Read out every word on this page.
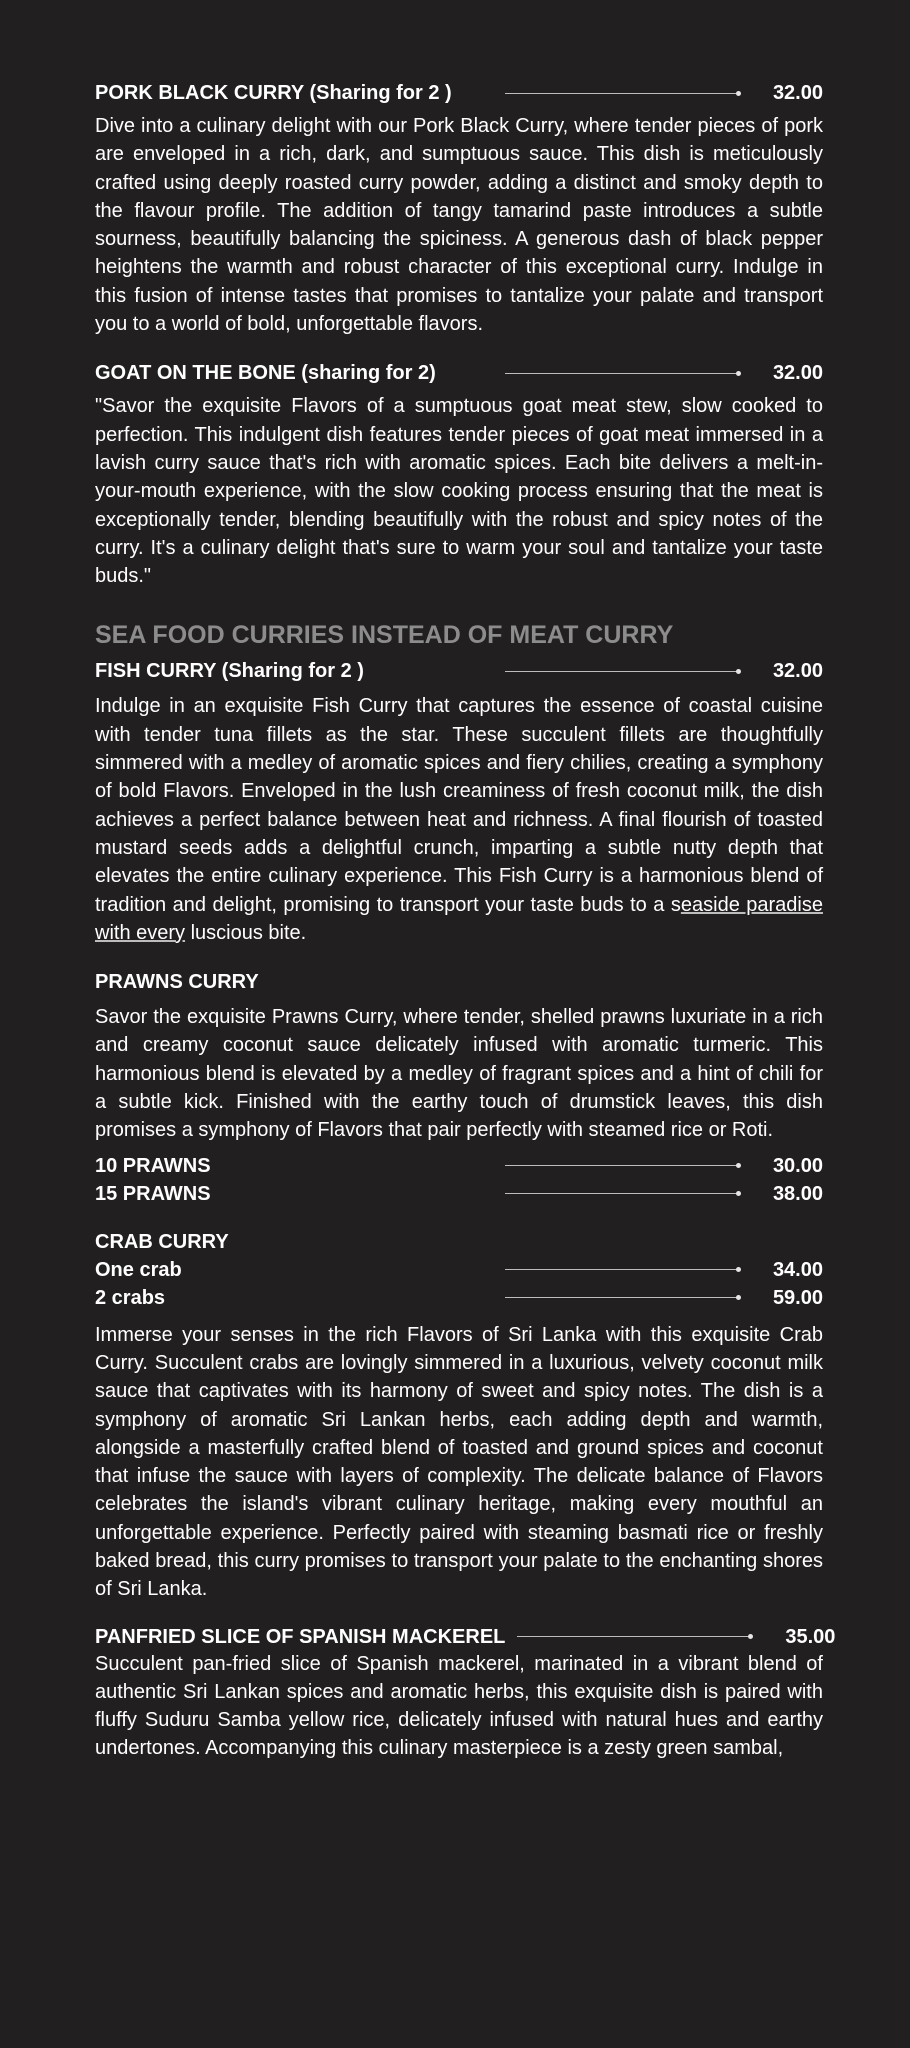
PORK BLACK CURRY (Sharing for 2 )	32.00

Dive into a culinary delight with our Pork Black Curry, where tender pieces of pork are enveloped in a rich, dark, and sumptuous sauce. This dish is meticulously crafted using deeply roasted curry powder, adding a distinct and smoky depth to the flavour profile. The addition of tangy tamarind paste introduces a subtle sourness, beautifully balancing the spiciness. A generous dash of black pepper heightens the warmth and robust character of this exceptional curry. Indulge in this fusion of intense tastes that promises to tantalize your palate and transport you to a world of bold, unforgettable flavors.

GOAT ON THE BONE (sharing for 2)	32.00

"Savor the exquisite Flavors of a sumptuous goat meat stew, slow cooked to perfection. This indulgent dish features tender pieces of goat meat immersed in a lavish curry sauce that's rich with aromatic spices. Each bite delivers a melt-in-your-mouth experience, with the slow cooking process ensuring that the meat is exceptionally tender, blending beautifully with the robust and spicy notes of the curry. It's a culinary delight that's sure to warm your soul and tantalize your taste buds."

SEA FOOD CURRIES INSTEAD OF MEAT CURRY
FISH CURRY (Sharing for 2 )	32.00

Indulge in an exquisite Fish Curry that captures the essence of coastal cuisine with tender tuna fillets as the star. These succulent fillets are thoughtfully simmered with a medley of aromatic spices and fiery chilies, creating a symphony of bold Flavors. Enveloped in the lush creaminess of fresh coconut milk, the dish achieves a perfect balance between heat and richness. A final flourish of toasted mustard seeds adds a delightful crunch, imparting a subtle nutty depth that elevates the entire culinary experience. This Fish Curry is a harmonious blend of tradition and delight, promising to transport your taste buds to a seaside paradise with every luscious bite.

PRAWNS CURRY

Savor the exquisite Prawns Curry, where tender, shelled prawns luxuriate in a rich and creamy coconut sauce delicately infused with aromatic turmeric. This harmonious blend is elevated by a medley of fragrant spices and a hint of chili for a subtle kick. Finished with the earthy touch of drumstick leaves, this dish promises a symphony of Flavors that pair perfectly with steamed rice or Roti.

10 PRAWNS	30.00
15 PRAWNS	38.00
CRAB CURRY
One crab	34.00
2 crabs	59.00

Immerse your senses in the rich Flavors of Sri Lanka with this exquisite Crab Curry. Succulent crabs are lovingly simmered in a luxurious, velvety coconut milk sauce that captivates with its harmony of sweet and spicy notes. The dish is a symphony of aromatic Sri Lankan herbs, each adding depth and warmth, alongside a masterfully crafted blend of toasted and ground spices and coconut that infuse the sauce with layers of complexity. The delicate balance of Flavors celebrates the island's vibrant culinary heritage, making every mouthful an unforgettable experience. Perfectly paired with steaming basmati rice or freshly baked bread, this curry promises to transport your palate to the enchanting shores of Sri Lanka.

PANFRIED SLICE OF SPANISH MACKEREL	35.00

Succulent pan-fried slice of Spanish mackerel, marinated in a vibrant blend of authentic Sri Lankan spices and aromatic herbs, this exquisite dish is paired with fluffy Suduru Samba yellow rice, delicately infused with natural hues and earthy undertones. Accompanying this culinary masterpiece is a zesty green sambal,
